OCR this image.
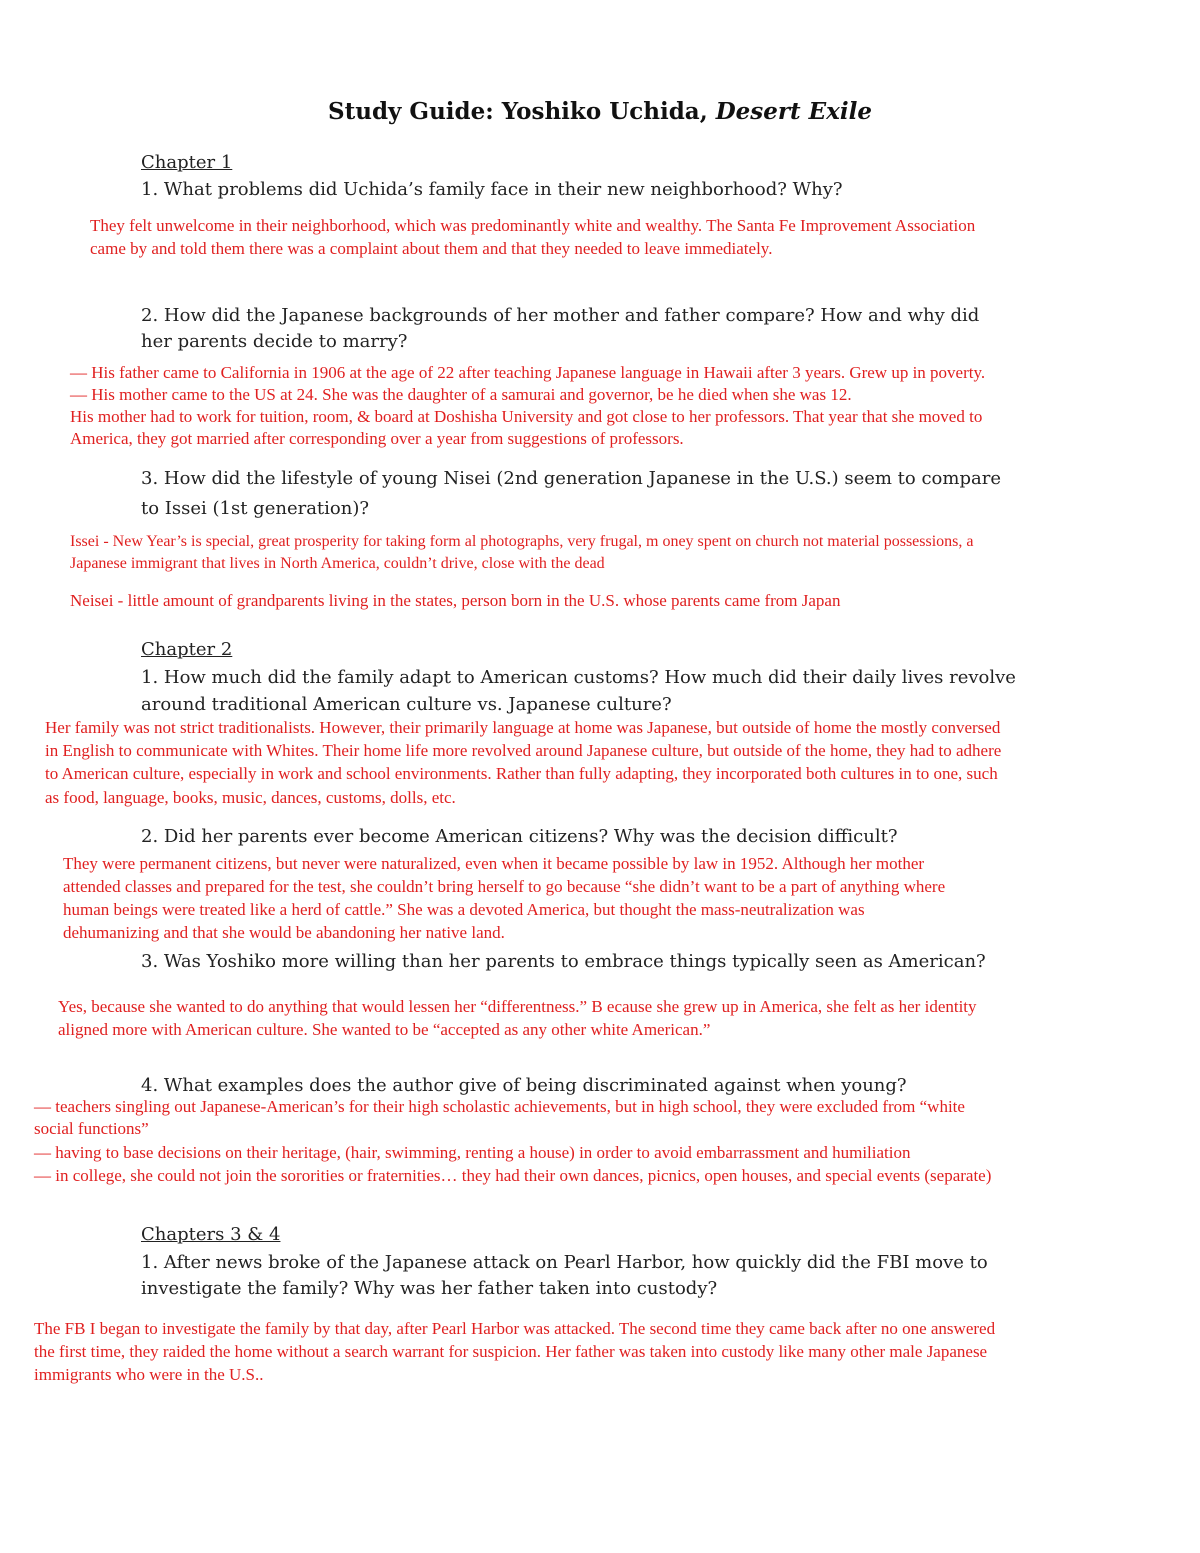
Study Guide: Yoshiko Uchida, Desert Exile
Chapter 1
1. What problems did Uchida’s family face in their new neighborhood? Why?
They felt unwelcome in their neighborhood, which was predominantly white and wealthy. The Santa Fe Improvement Association
came by and told them there was a complaint about them and that they needed to leave immediately.
2. How did the Japanese backgrounds of her mother and father compare? How and why did
her parents decide to marry?
— His father came to California in 1906 at the age of 22 after teaching Japanese language in Hawaii after 3 years. Grew up in poverty.
— His mother came to the US at 24. She was the daughter of a samurai and governor, be he died when she was 12.
His mother had to work for tuition, room, & board at Doshisha University and got close to her professors. That year that she moved to
America, they got married after corresponding over a year from suggestions of professors.
3. How did the lifestyle of young Nisei (2nd generation Japanese in the U.S.) seem to compare
to Issei (1st generation)?
Issei - New Year’s is special, great prosperity for taking form al photographs, very frugal, m oney spent on church not material possessions, a
Japanese immigrant that lives in North America, couldn’t drive, close with the dead
Neisei - little amount of grandparents living in the states, person born in the U.S. whose parents came from Japan
Chapter 2
1. How much did the family adapt to American customs? How much did their daily lives revolve
around traditional American culture vs. Japanese culture?
Her family was not strict traditionalists. However, their primarily language at home was Japanese, but outside of home the mostly conversed
in English to communicate with Whites. Their home life more revolved around Japanese culture, but outside of the home, they had to adhere
to American culture, especially in work and school environments. Rather than fully adapting, they incorporated both cultures in to one, such
as food, language, books, music, dances, customs, dolls, etc.
2. Did her parents ever become American citizens? Why was the decision difficult?
They were permanent citizens, but never were naturalized, even when it became possible by law in 1952. Although her mother
attended classes and prepared for the test, she couldn’t bring herself to go because “she didn’t want to be a part of anything where
human beings were treated like a herd of cattle.” She was a devoted America, but thought the mass-neutralization was
dehumanizing and that she would be abandoning her native land.
3. Was Yoshiko more willing than her parents to embrace things typically seen as American?
Yes, because she wanted to do anything that would lessen her “differentness.” B ecause she grew up in America, she felt as her identity
aligned more with American culture. She wanted to be “accepted as any other white American.”
4. What examples does the author give of being discriminated against when young?
— teachers singling out Japanese-American’s for their high scholastic achievements, but in high school, they were excluded from “white
social functions”
— having to base decisions on their heritage, (hair, swimming, renting a house) in order to avoid embarrassment and humiliation
— in college, she could not join the sororities or fraternities… they had their own dances, picnics, open houses, and special events (separate)
Chapters 3 & 4
1. After news broke of the Japanese attack on Pearl Harbor, how quickly did the FBI move to
investigate the family? Why was her father taken into custody?
The FB I began to investigate the family by that day, after Pearl Harbor was attacked. The second time they came back after no one answered
the first time, they raided the home without a search warrant for suspicion. Her father was taken into custody like many other male Japanese
immigrants who were in the U.S..
